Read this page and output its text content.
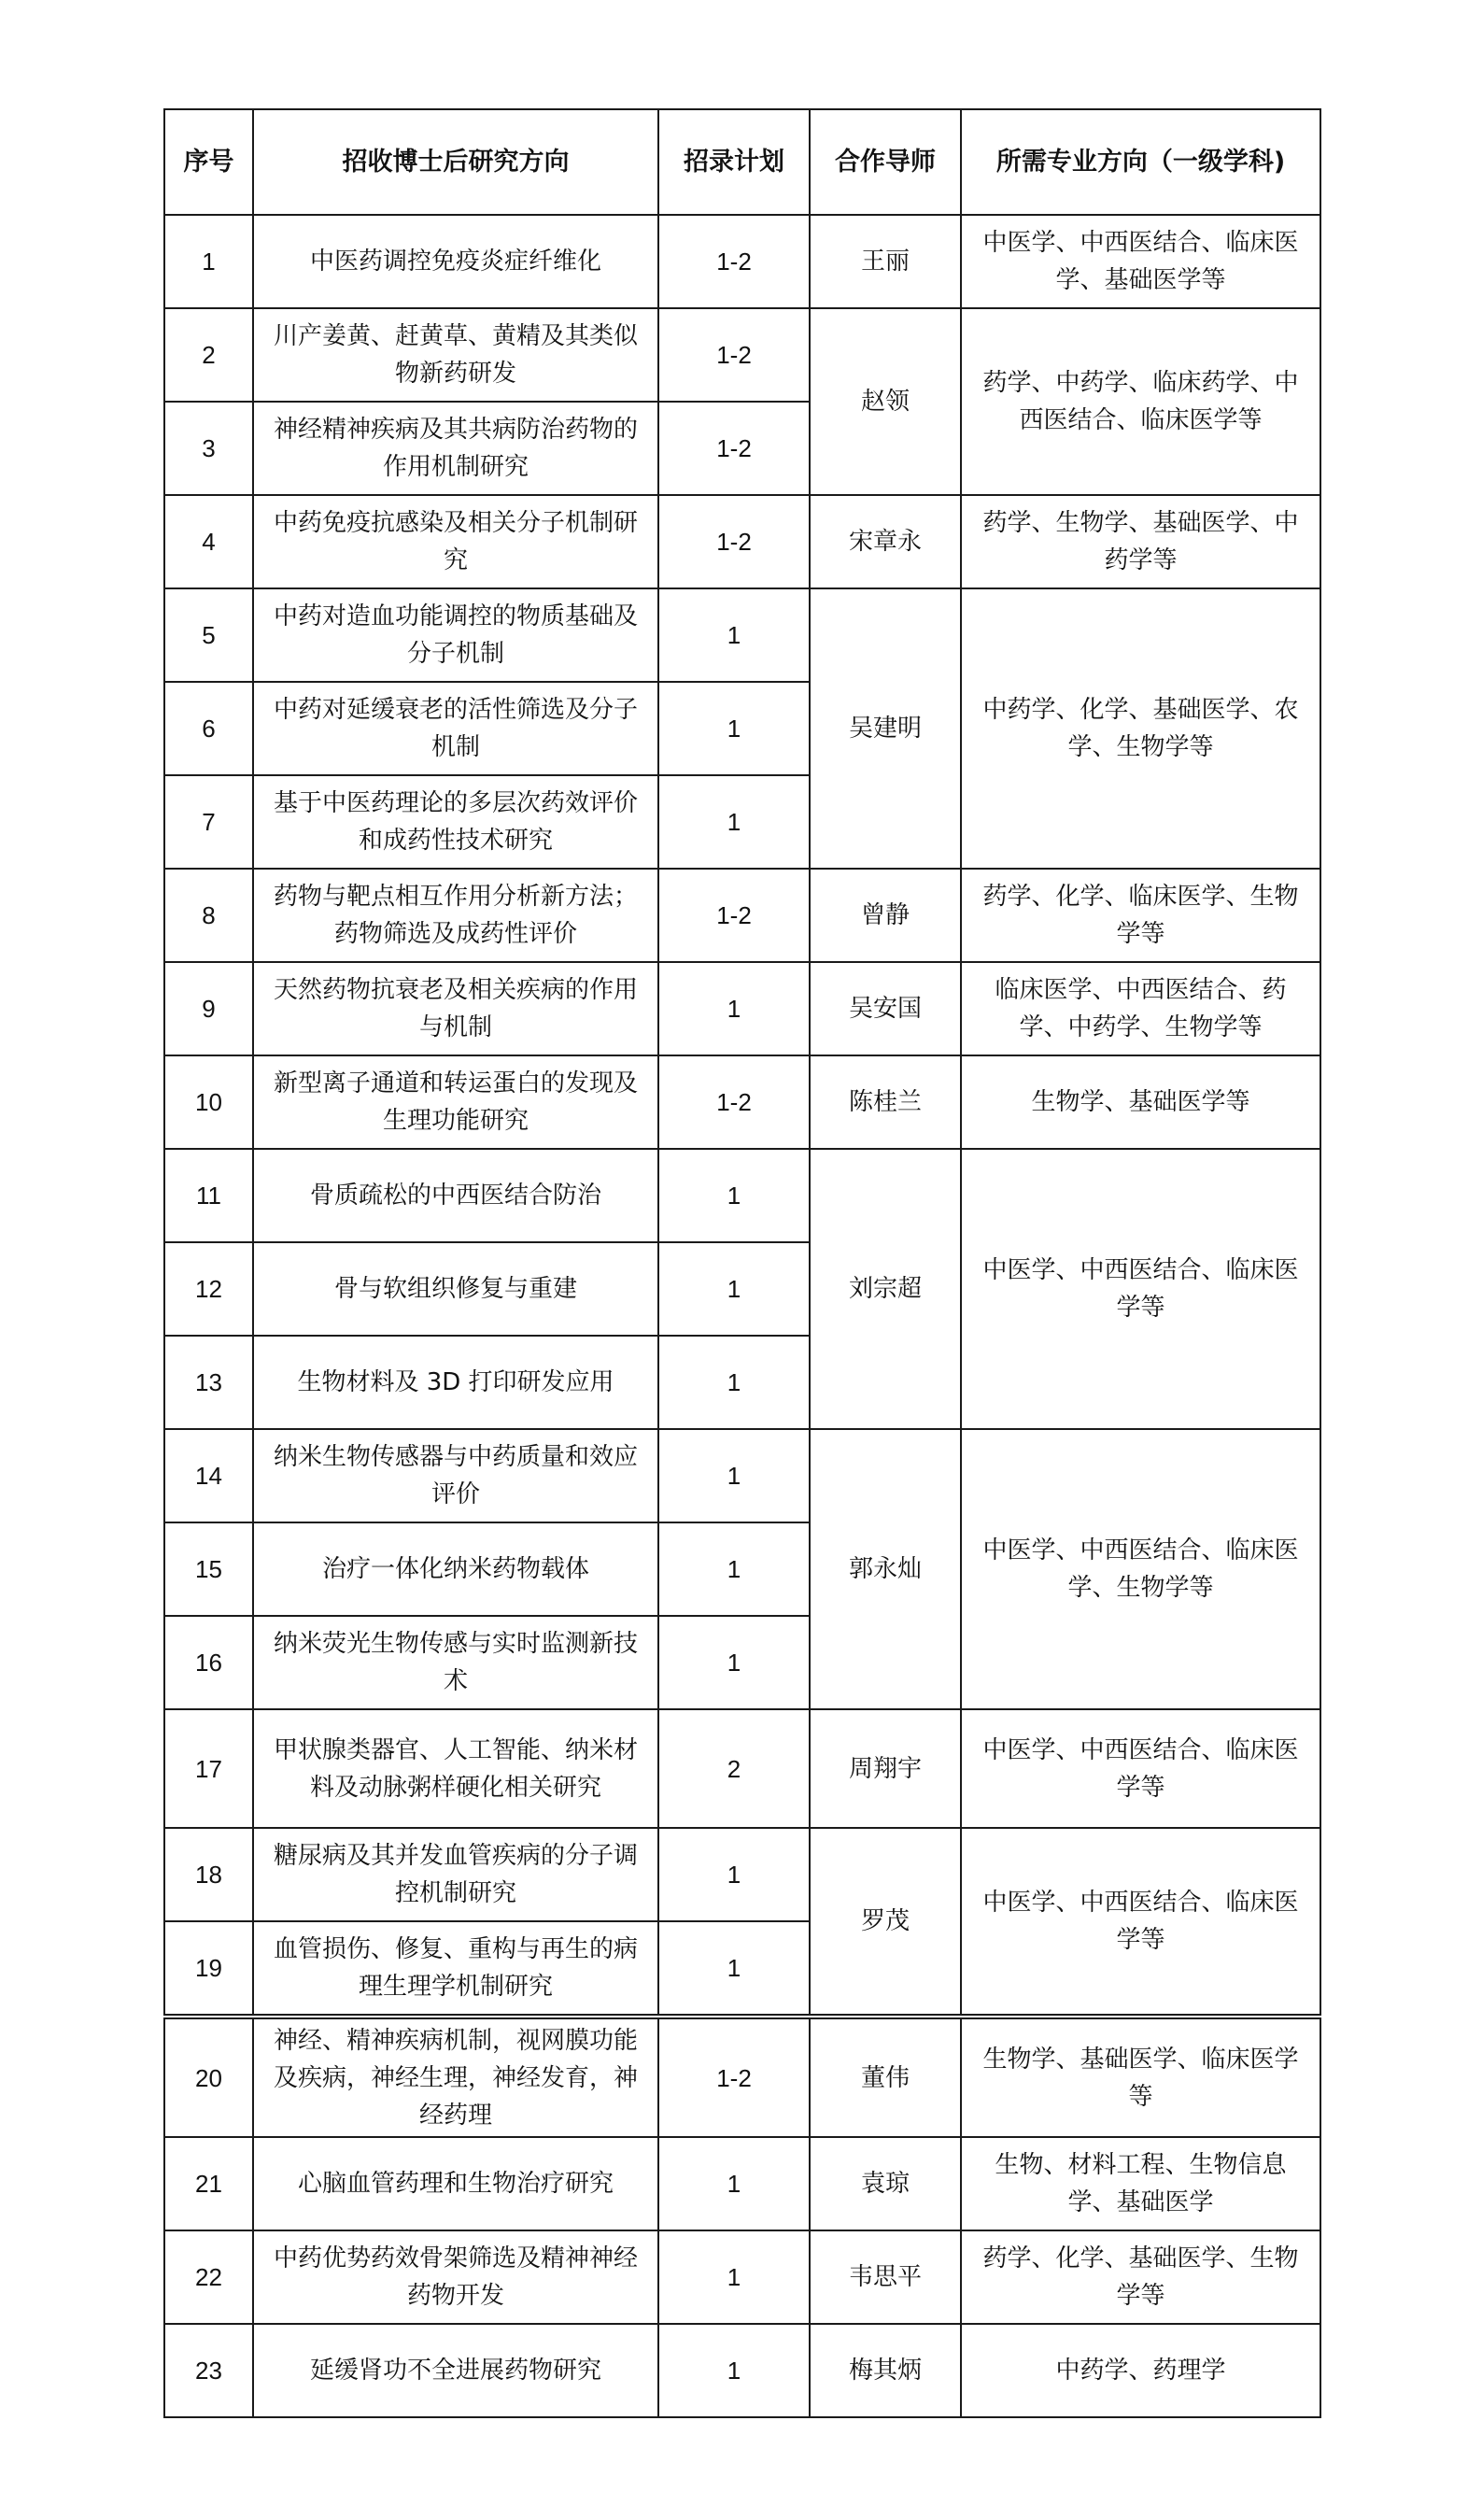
序号	招收博士后研究方向	招录计划	合作导师	所需专业方向（一级学科)
1	中医药调控免疫炎症纤维化	1-2	王丽	中医学、中西医结合、临床医学、基础医学等
2	川产姜黄、赶黄草、黄精及其类似物新药研发	1-2	赵领	药学、中药学、临床药学、中西医结合、临床医学等
3	神经精神疾病及其共病防治药物的作用机制研究	1-2		
4	中药免疫抗感染及相关分子机制研究	1-2	宋章永	药学、生物学、基础医学、中药学等
5	中药对造血功能调控的物质基础及分子机制	1	吴建明	中药学、化学、基础医学、农学、生物学等
6	中药对延缓衰老的活性筛选及分子机制	1		
7	基于中医药理论的多层次药效评价和成药性技术研究	1		
8	药物与靶点相互作用分析新方法；药物筛选及成药性评价	1-2	曾静	药学、化学、临床医学、生物学等
9	天然药物抗衰老及相关疾病的作用与机制	1	吴安国	临床医学、中西医结合、药学、中药学、生物学等
10	新型离子通道和转运蛋白的发现及生理功能研究	1-2	陈桂兰	生物学、基础医学等
11	骨质疏松的中西医结合防治	1	刘宗超	中医学、中西医结合、临床医学等
12	骨与软组织修复与重建	1		
13	生物材料及 3D 打印研发应用	1		
14	纳米生物传感器与中药质量和效应评价	1	郭永灿	中医学、中西医结合、临床医学、生物学等
15	治疗一体化纳米药物载体	1		
16	纳米荧光生物传感与实时监测新技术	1		
17	甲状腺类器官、人工智能、纳米材料及动脉粥样硬化相关研究	2	周翔宇	中医学、中西医结合、临床医学等
18	糖尿病及其并发血管疾病的分子调控机制研究	1	罗茂	中医学、中西医结合、临床医学等
19	血管损伤、修复、重构与再生的病理生理学机制研究	1		
20	神经、精神疾病机制，视网膜功能及疾病，神经生理，神经发育，神经药理	1-2	董伟	生物学、基础医学、临床医学等
21	心脑血管药理和生物治疗研究	1	袁琼	生物、材料工程、生物信息学、基础医学
22	中药优势药效骨架筛选及精神神经药物开发	1	韦思平	药学、化学、基础医学、生物学等
23	延缓肾功不全进展药物研究	1	梅其炳	中药学、药理学
